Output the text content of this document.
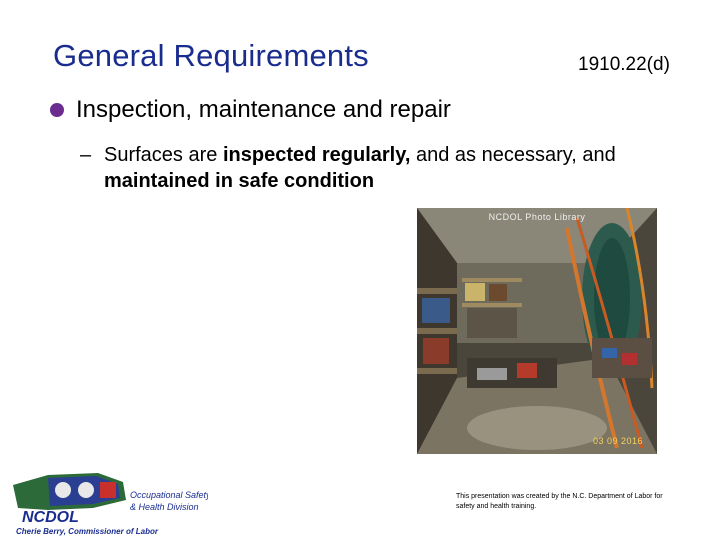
General Requirements	1910.22(d)
Inspection, maintenance and repair
– Surfaces are inspected regularly, and as necessary, and maintained in safe condition
NCDOL Photo Library
03 09 2016
NCDOL
Occupational Safety
& Health Division
Cherie Berry, Commissioner of Labor
This presentation was created by the N.C. Department of Labor for safety and health training.
